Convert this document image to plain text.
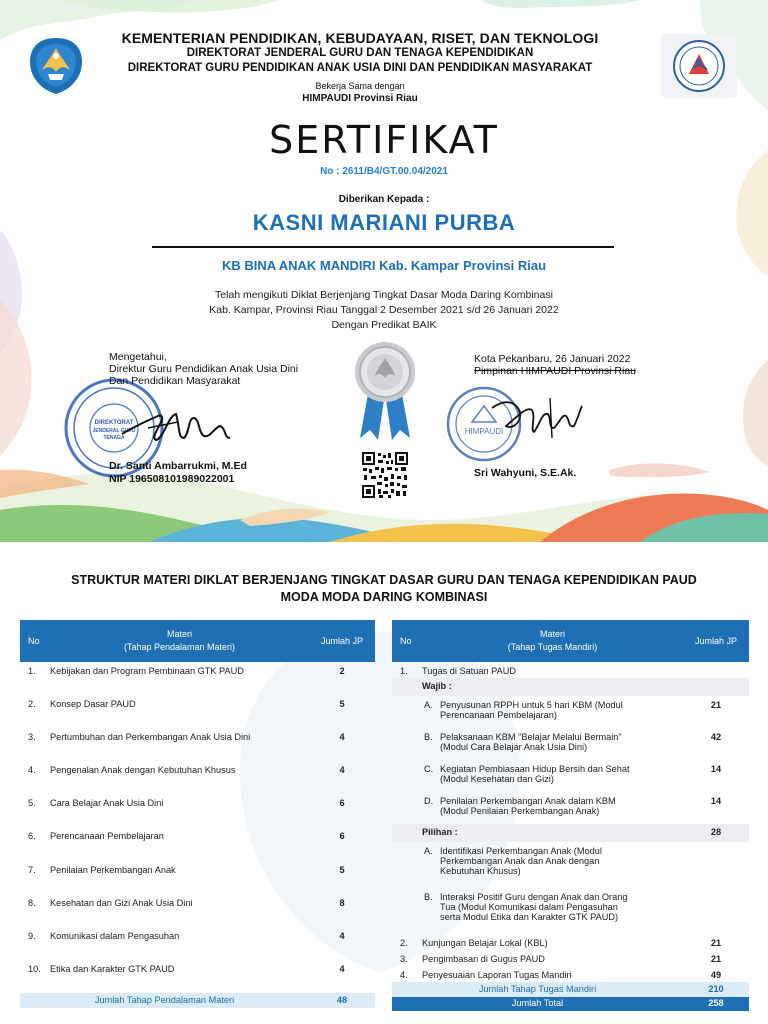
KEMENTERIAN PENDIDIKAN, KEBUDAYAAN, RISET, DAN TEKNOLOGI
DIREKTORAT JENDERAL GURU DAN TENAGA KEPENDIDIKAN
DIREKTORAT GURU PENDIDIKAN ANAK USIA DINI DAN PENDIDIKAN MASYARAKAT
Bekerja Sama dengan
HIMPAUDI Provinsi Riau
SERTIFIKAT
No : 2611/B4/GT.00.04/2021
Diberikan Kepada :
KASNI MARIANI PURBA
KB BINA ANAK MANDIRI Kab. Kampar Provinsi Riau
Telah mengikuti Diklat Berjenjang Tingkat Dasar Moda Daring Kombinasi
Kab. Kampar, Provinsi Riau Tanggal 2 Desember 2021 s/d 26 Januari 2022
Dengan Predikat BAIK
DIREKTORAT
JENDERAL GURU
TENAGA
Mengetahui,
Direktur Guru Pendidikan Anak Usia Dini
Dan Pendidikan Masyarakat
Dr. Santi Ambarrukmi, M.Ed
NIP 196508101989022001
HIMPAUDI
Kota Pekanbaru, 26 Januari 2022
Pimpinan HIMPAUDI Provinsi Riau
Sri Wahyuni, S.E.Ak.
STRUKTUR MATERI DIKLAT BERJENJANG TINGKAT DASAR GURU DAN TENAGA KEPENDIDIKAN PAUD
MODA MODA DARING KOMBINASI
No	Materi
(Tahap Pendalaman Materi)	Jumlah JP
1.	Kebijakan dan Program Pembinaan GTK PAUD	2
2.	Konsep Dasar PAUD	5
3.	Pertumbuhan dan Perkembangan Anak Usia Dini	4
4.	Pengenalan Anak dengan Kebutuhan Khusus	4
5.	Cara Belajar Anak Usia Dini	6
6.	Perencanaan Pembelajaran	6
7.	Penilaian Perkembangan Anak	5
8.	Kesehatan dan Gizi Anak Usia Dini	8
9.	Komunikasi dalam Pengasuhan	4
10.	Etika dan Karakter GTK PAUD	4
Jumlah Tahap Pendalaman Materi		48
No	Materi
(Tahap Tugas Mandiri)	Jumlah JP
1.	Tugas di Satuan PAUD	
	Wajib :	

	A. Penyusunan RPPH untuk 5 hari KBM (Modul
Perencanaan Pembelajaran)	21

	B. Pelaksanaan KBM "Belajar Melalui Bermain"
(Modul Cara Belajar Anak Usia Dini)	42

	C. Kegiatan Pembiasaan Hidup Bersih dan Sehat
(Modul Kesehatan dan Gizi)	14

	D. Penilaian Perkembangan Anak dalam KBM
(Modul Penilaian Perkembangan Anak)	14
	Pilihan :	28

	A. Identifikasi Perkembangan Anak (Modul
Perkembangan Anak dan Anak dengan
Kebutuhan Khusus)	

	B. Interaksi Positif Guru dengan Anak dan Orang
Tua (Modul Komunikasi dalam Pengasuhan
serta Modul Etika dan Karakter GTK PAUD)	

2.	Kunjungan Belajar Lokal (KBL)	21
3.	Pengimbasan di Gugus PAUD	21
4.	Penyesuaian Laporan Tugas Mandiri	49
Jumlah Tahap Tugas Mandiri		210
Jumlah Total		258
